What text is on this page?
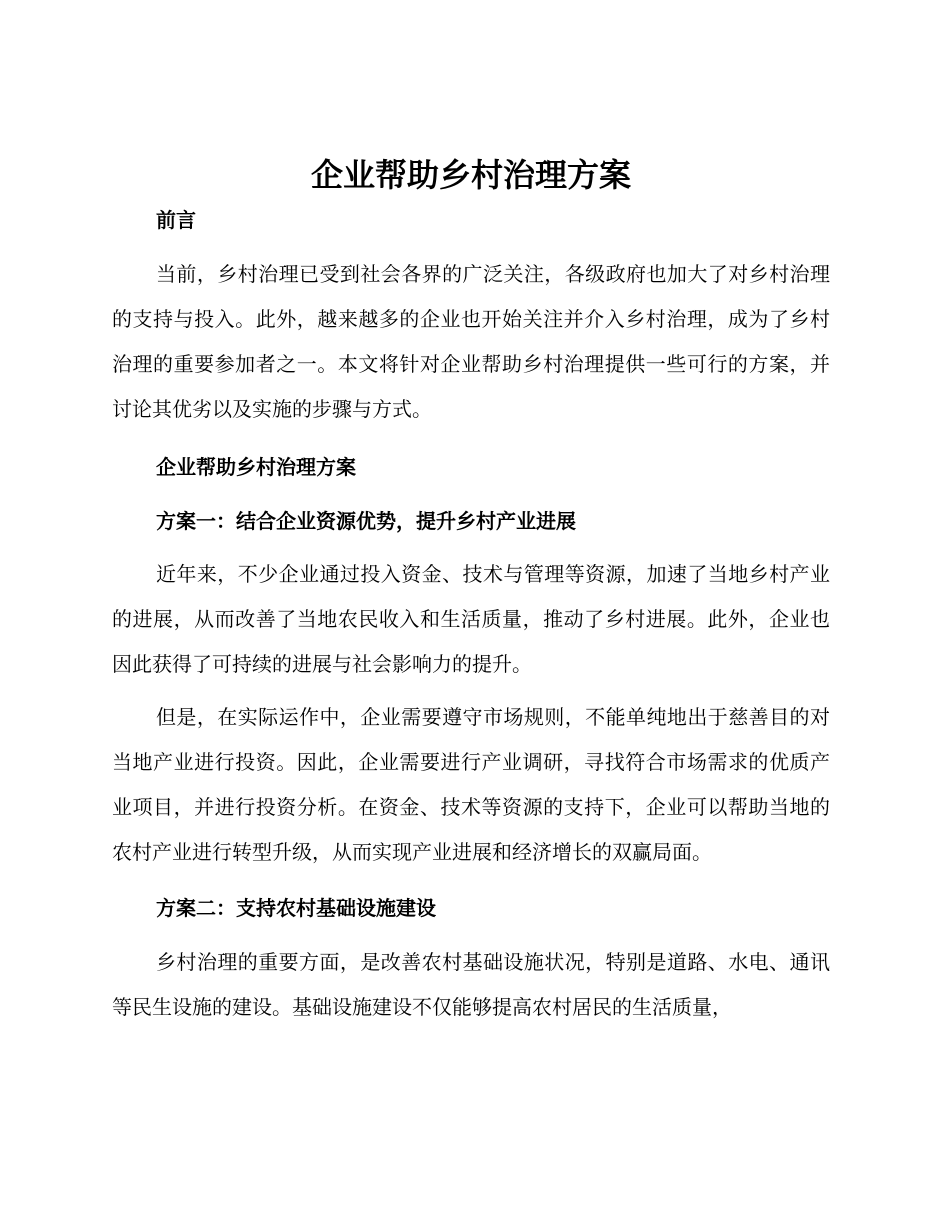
企业帮助乡村治理方案

前言

当前，乡村治理已受到社会各界的广泛关注，各级政府也加大了对乡村治理的支持与投入。此外，越来越多的企业也开始关注并介入乡村治理，成为了乡村治理的重要参加者之一。本文将针对企业帮助乡村治理提供一些可行的方案，并讨论其优劣以及实施的步骤与方式。

企业帮助乡村治理方案

方案一：结合企业资源优势，提升乡村产业进展

近年来，不少企业通过投入资金、技术与管理等资源，加速了当地乡村产业的进展，从而改善了当地农民收入和生活质量，推动了乡村进展。此外，企业也因此获得了可持续的进展与社会影响力的提升。

但是，在实际运作中，企业需要遵守市场规则，不能单纯地出于慈善目的对当地产业进行投资。因此，企业需要进行产业调研，寻找符合市场需求的优质产业项目，并进行投资分析。在资金、技术等资源的支持下，企业可以帮助当地的农村产业进行转型升级，从而实现产业进展和经济增长的双赢局面。

方案二：支持农村基础设施建设

乡村治理的重要方面，是改善农村基础设施状况，特别是道路、水电、通讯等民生设施的建设。基础设施建设不仅能够提高农村居民的生活质量，
